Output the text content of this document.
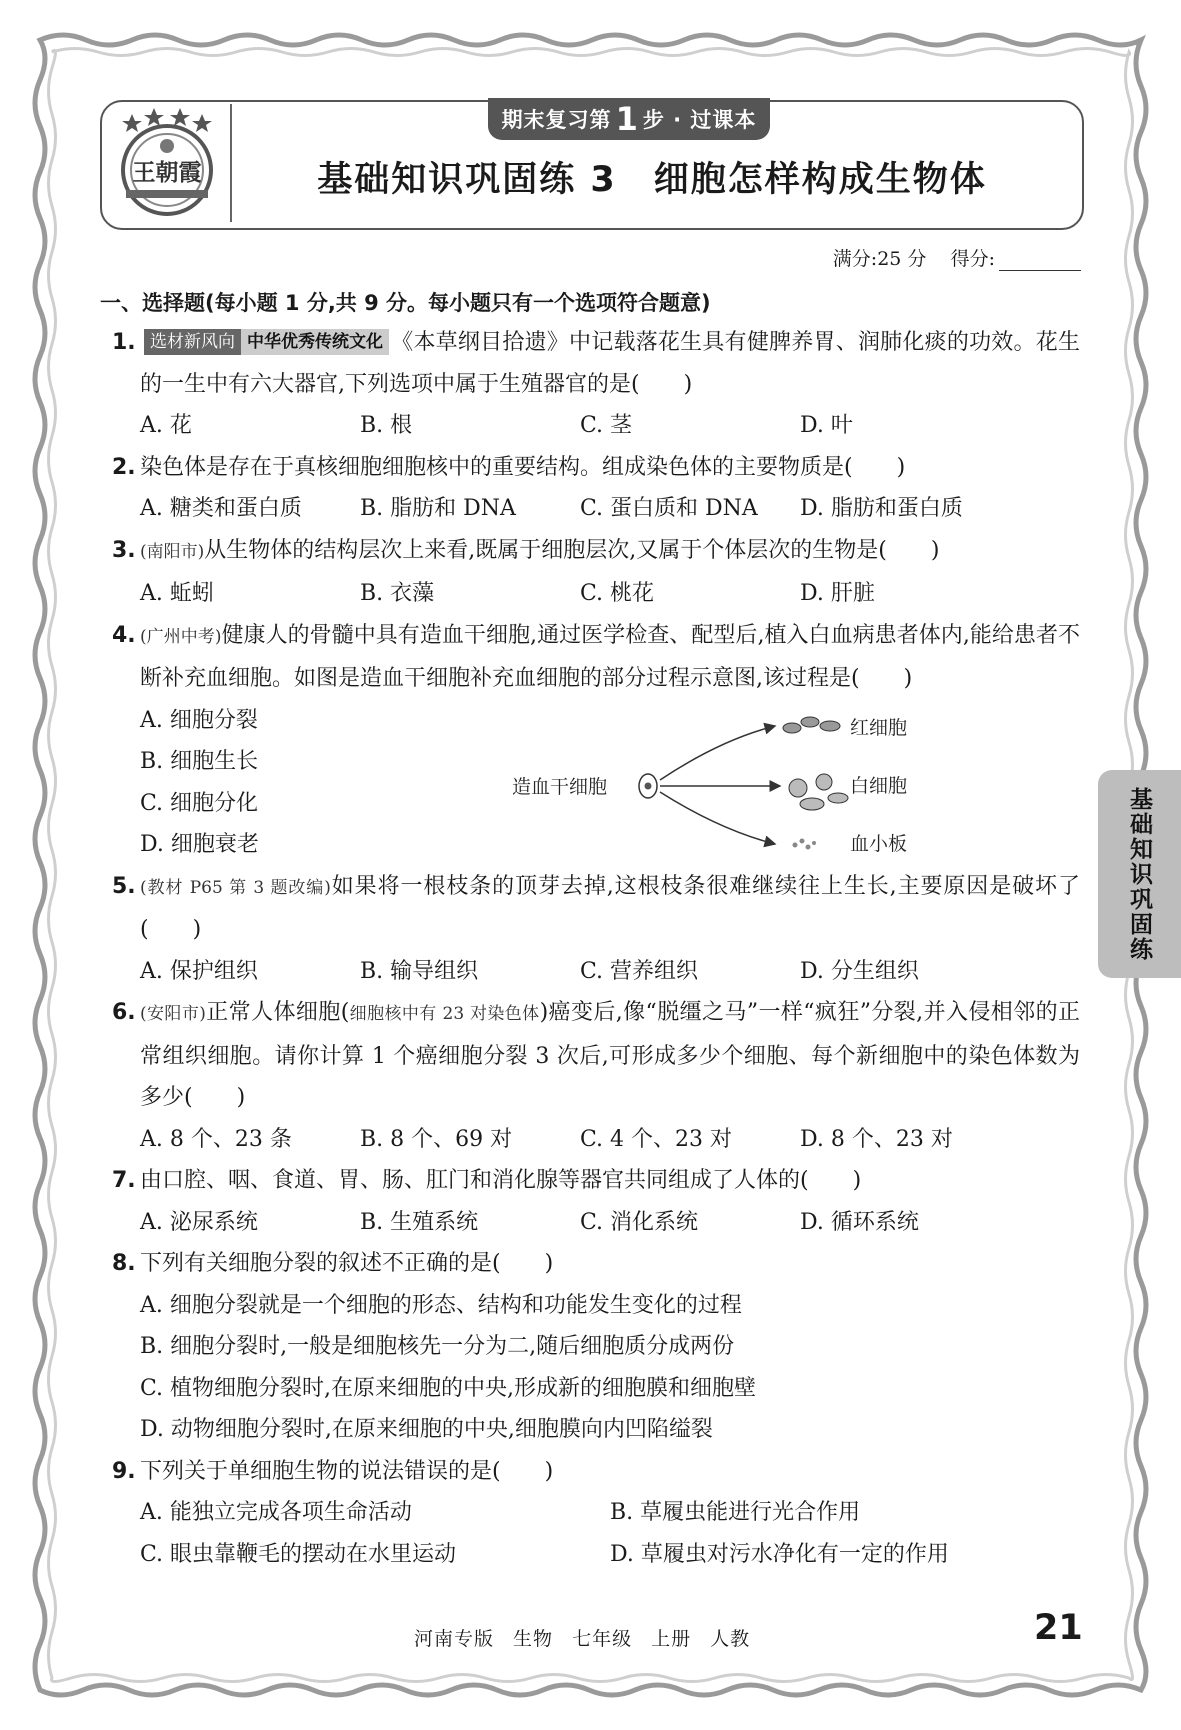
王朝霞
期末复习第 1 步 · 过课本
基础知识巩固练 3　细胞怎样构成生物体
满分:25 分 得分:
一、选择题(每小题 1 分,共 9 分。每小题只有一个选项符合题意)
1. 选材新风向 中华优秀传统文化 《本草纲目拾遗》中记载落花生具有健脾养胃、润肺化痰的功效。花生的一生中有六大器官,下列选项中属于生殖器官的是(　　)
A. 花	B. 根	C. 茎	D. 叶
2. 染色体是存在于真核细胞细胞核中的重要结构。组成染色体的主要物质是(　　)
A. 糖类和蛋白质	B. 脂肪和 DNA	C. 蛋白质和 DNA	D. 脂肪和蛋白质
3. (南阳市)从生物体的结构层次上来看,既属于细胞层次,又属于个体层次的生物是(　　)
A. 蚯蚓	B. 衣藻	C. 桃花	D. 肝脏
4. (广州中考)健康人的骨髓中具有造血干细胞,通过医学检查、配型后,植入白血病患者体内,能给患者不断补充血细胞。如图是造血干细胞补充血细胞的部分过程示意图,该过程是(　　)
A. 细胞分裂
B. 细胞生长
C. 细胞分化
D. 细胞衰老
造血干细胞
红细胞
白细胞
血小板
5. (教材 P65 第 3 题改编)如果将一根枝条的顶芽去掉,这根枝条很难继续往上生长,主要原因是破坏了(　　)
A. 保护组织	B. 输导组织	C. 营养组织	D. 分生组织
6. (安阳市)正常人体细胞(细胞核中有 23 对染色体)癌变后,像“脱缰之马”一样“疯狂”分裂,并入侵相邻的正常组织细胞。请你计算 1 个癌细胞分裂 3 次后,可形成多少个细胞、每个新细胞中的染色体数为多少(　　)
A. 8 个、23 条	B. 8 个、69 对	C. 4 个、23 对	D. 8 个、23 对
7. 由口腔、咽、食道、胃、肠、肛门和消化腺等器官共同组成了人体的(　　)
A. 泌尿系统	B. 生殖系统	C. 消化系统	D. 循环系统
8. 下列有关细胞分裂的叙述不正确的是(　　)
A. 细胞分裂就是一个细胞的形态、结构和功能发生变化的过程
B. 细胞分裂时,一般是细胞核先一分为二,随后细胞质分成两份
C. 植物细胞分裂时,在原来细胞的中央,形成新的细胞膜和细胞壁
D. 动物细胞分裂时,在原来细胞的中央,细胞膜向内凹陷缢裂
9. 下列关于单细胞生物的说法错误的是(　　)
A. 能独立完成各项生命活动	B. 草履虫能进行光合作用
C. 眼虫靠鞭毛的摆动在水里运动	D. 草履虫对污水净化有一定的作用
基础知识巩固练
河南专版 生物 七年级 上册 人教	21
